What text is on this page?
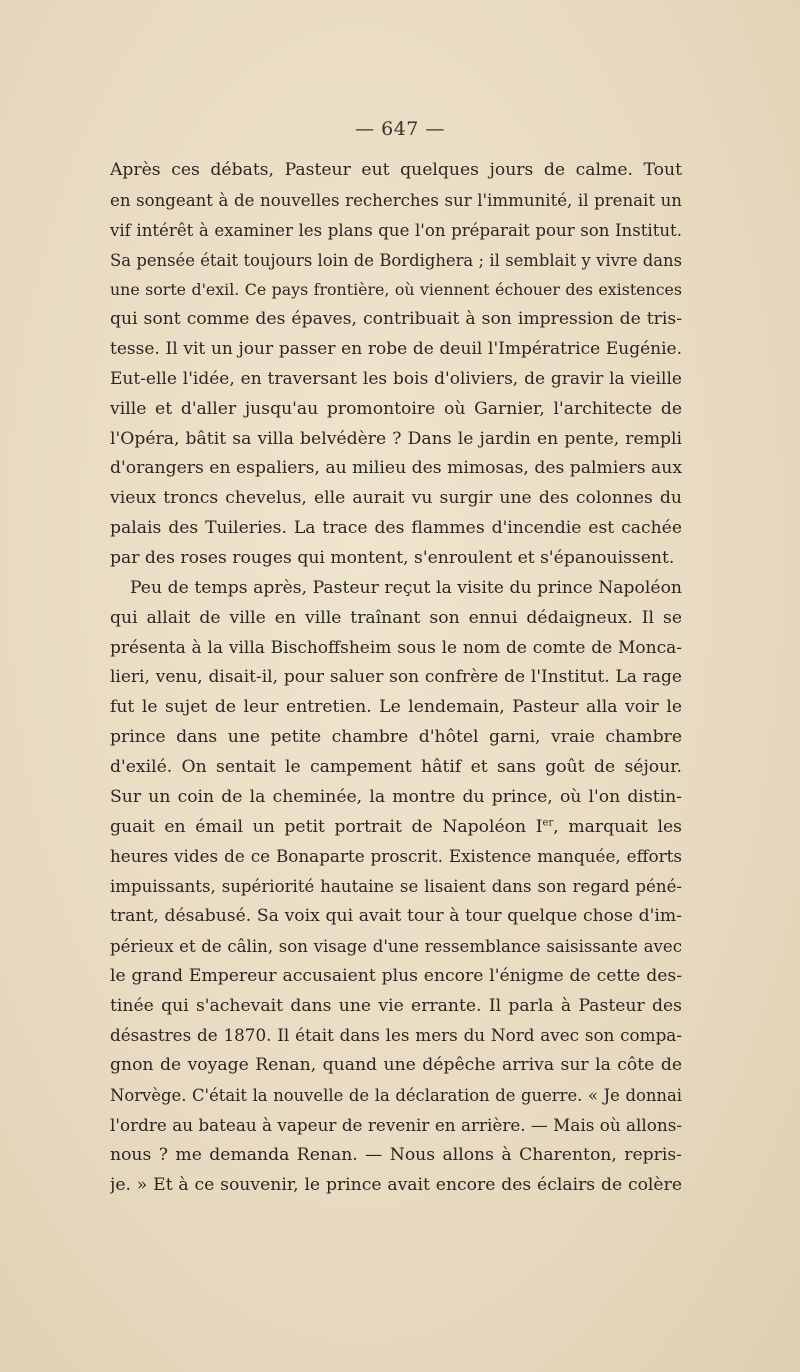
— 647 —
Après ces débats, Pasteur eut quelques jours de calme. Tout
en songeant à de nouvelles recherches sur l'immunité, il prenait un
vif intérêt à examiner les plans que l'on préparait pour son Institut.
Sa pensée était toujours loin de Bordighera ; il semblait y vivre dans
une sorte d'exil. Ce pays frontière, où viennent échouer des existences
qui sont comme des épaves, contribuait à son impression de tris-
tesse. Il vit un jour passer en robe de deuil l'Impératrice Eugénie.
Eut-elle l'idée, en traversant les bois d'oliviers, de gravir la vieille
ville et d'aller jusqu'au promontoire où Garnier, l'architecte de
l'Opéra, bâtit sa villa belvédère ? Dans le jardin en pente, rempli
d'orangers en espaliers, au milieu des mimosas, des palmiers aux
vieux troncs chevelus, elle aurait vu surgir une des colonnes du
palais des Tuileries. La trace des flammes d'incendie est cachée
par des roses rouges qui montent, s'enroulent et s'épanouissent.
Peu de temps après, Pasteur reçut la visite du prince Napoléon
qui allait de ville en ville traînant son ennui dédaigneux. Il se
présenta à la villa Bischoffsheim sous le nom de comte de Monca-
lieri, venu, disait-il, pour saluer son confrère de l'Institut. La rage
fut le sujet de leur entretien. Le lendemain, Pasteur alla voir le
prince dans une petite chambre d'hôtel garni, vraie chambre
d'exilé. On sentait le campement hâtif et sans goût de séjour.
Sur un coin de la cheminée, la montre du prince, où l'on distin-
guait en émail un petit portrait de Napoléon Ier, marquait les
heures vides de ce Bonaparte proscrit. Existence manquée, efforts
impuissants, supériorité hautaine se lisaient dans son regard péné-
trant, désabusé. Sa voix qui avait tour à tour quelque chose d'im-
périeux et de câlin, son visage d'une ressemblance saisissante avec
le grand Empereur accusaient plus encore l'énigme de cette des-
tinée qui s'achevait dans une vie errante. Il parla à Pasteur des
désastres de 1870. Il était dans les mers du Nord avec son compa-
gnon de voyage Renan, quand une dépêche arriva sur la côte de
Norvège. C'était la nouvelle de la déclaration de guerre. « Je donnai
l'ordre au bateau à vapeur de revenir en arrière. — Mais où allons-
nous ? me demanda Renan. — Nous allons à Charenton, repris-
je. » Et à ce souvenir, le prince avait encore des éclairs de colère
